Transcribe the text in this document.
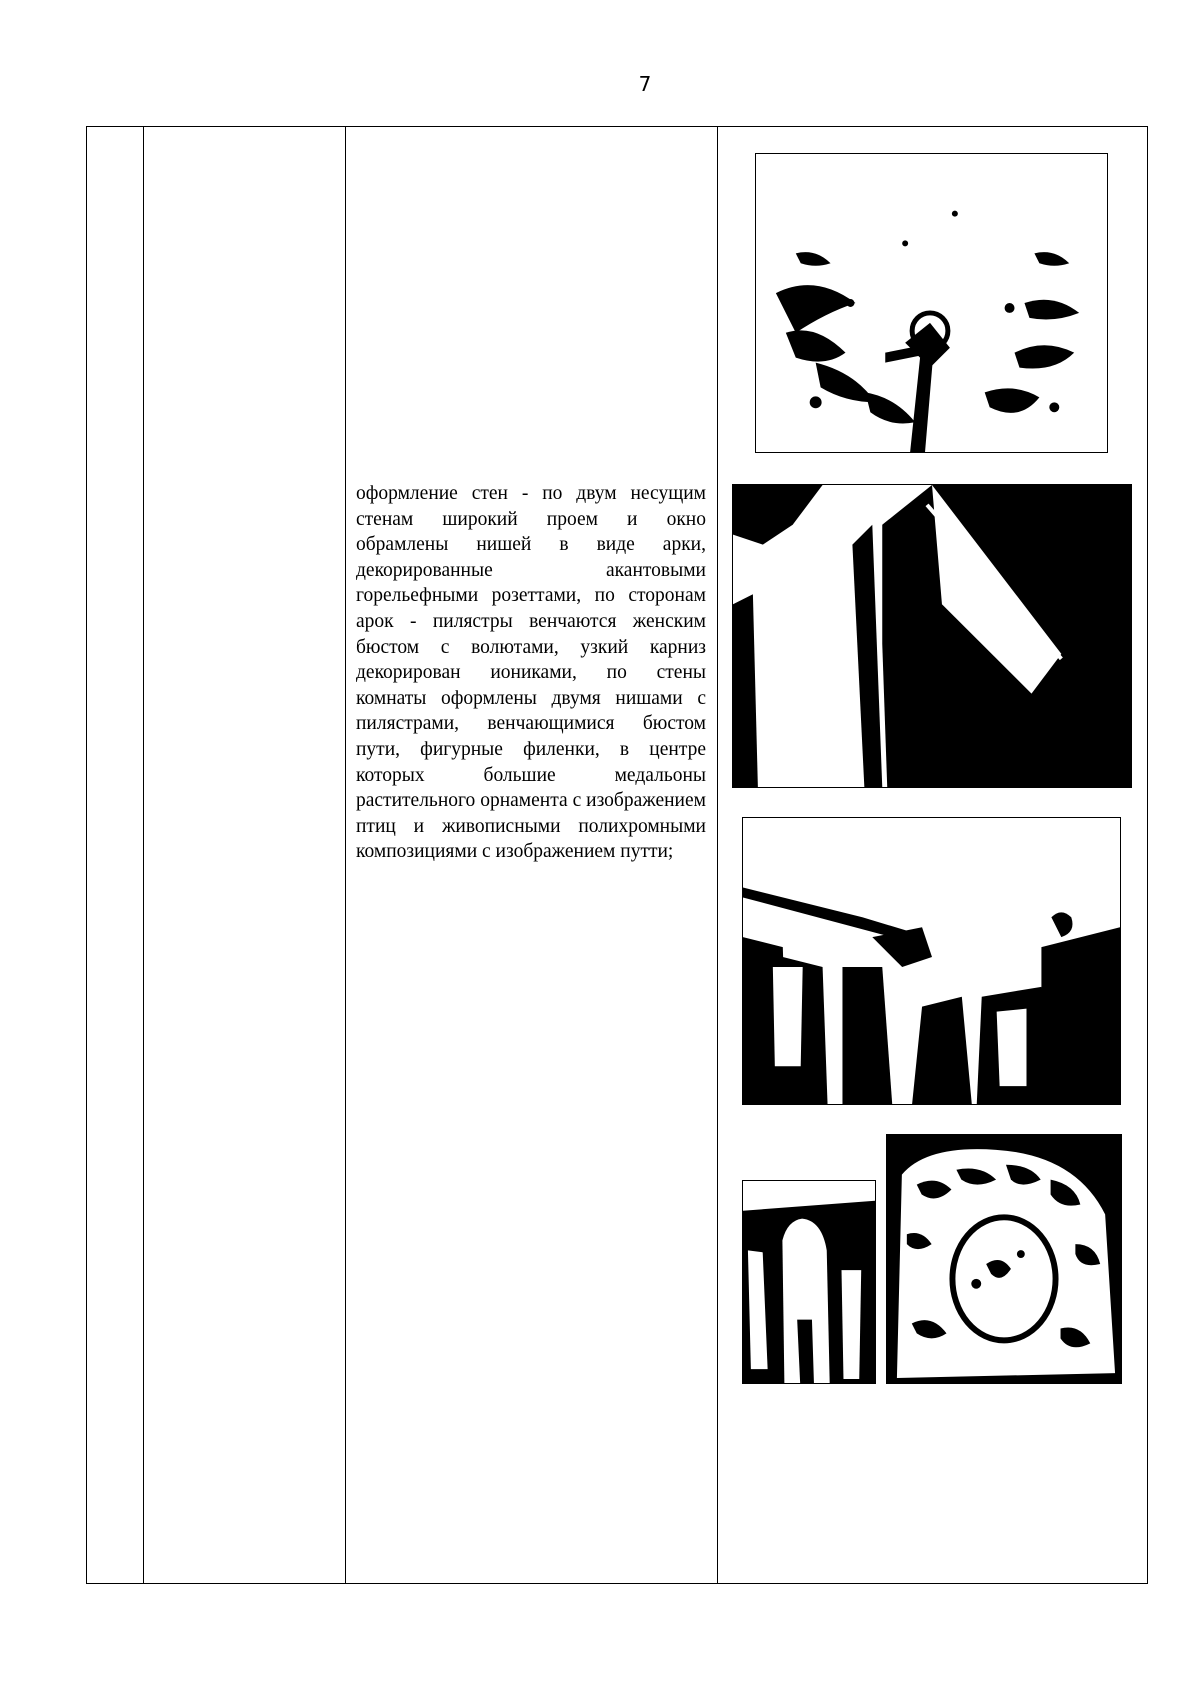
7
оформление стен - по двум несущим стенам широкий проем и окно обрамлены нишей в виде арки, декорированные акантовыми горельефными розеттами, по сторонам арок - пилястры венчаются женским бюстом с волютами, узкий карниз декорирован иониками, по стены комнаты оформлены двумя нишами с пилястрами, венчающимися бюстом пути, фигурные филенки, в центре которых большие медальоны растительного орнамента с изображением птиц и живописными полихромными композициями с изображением путти;
